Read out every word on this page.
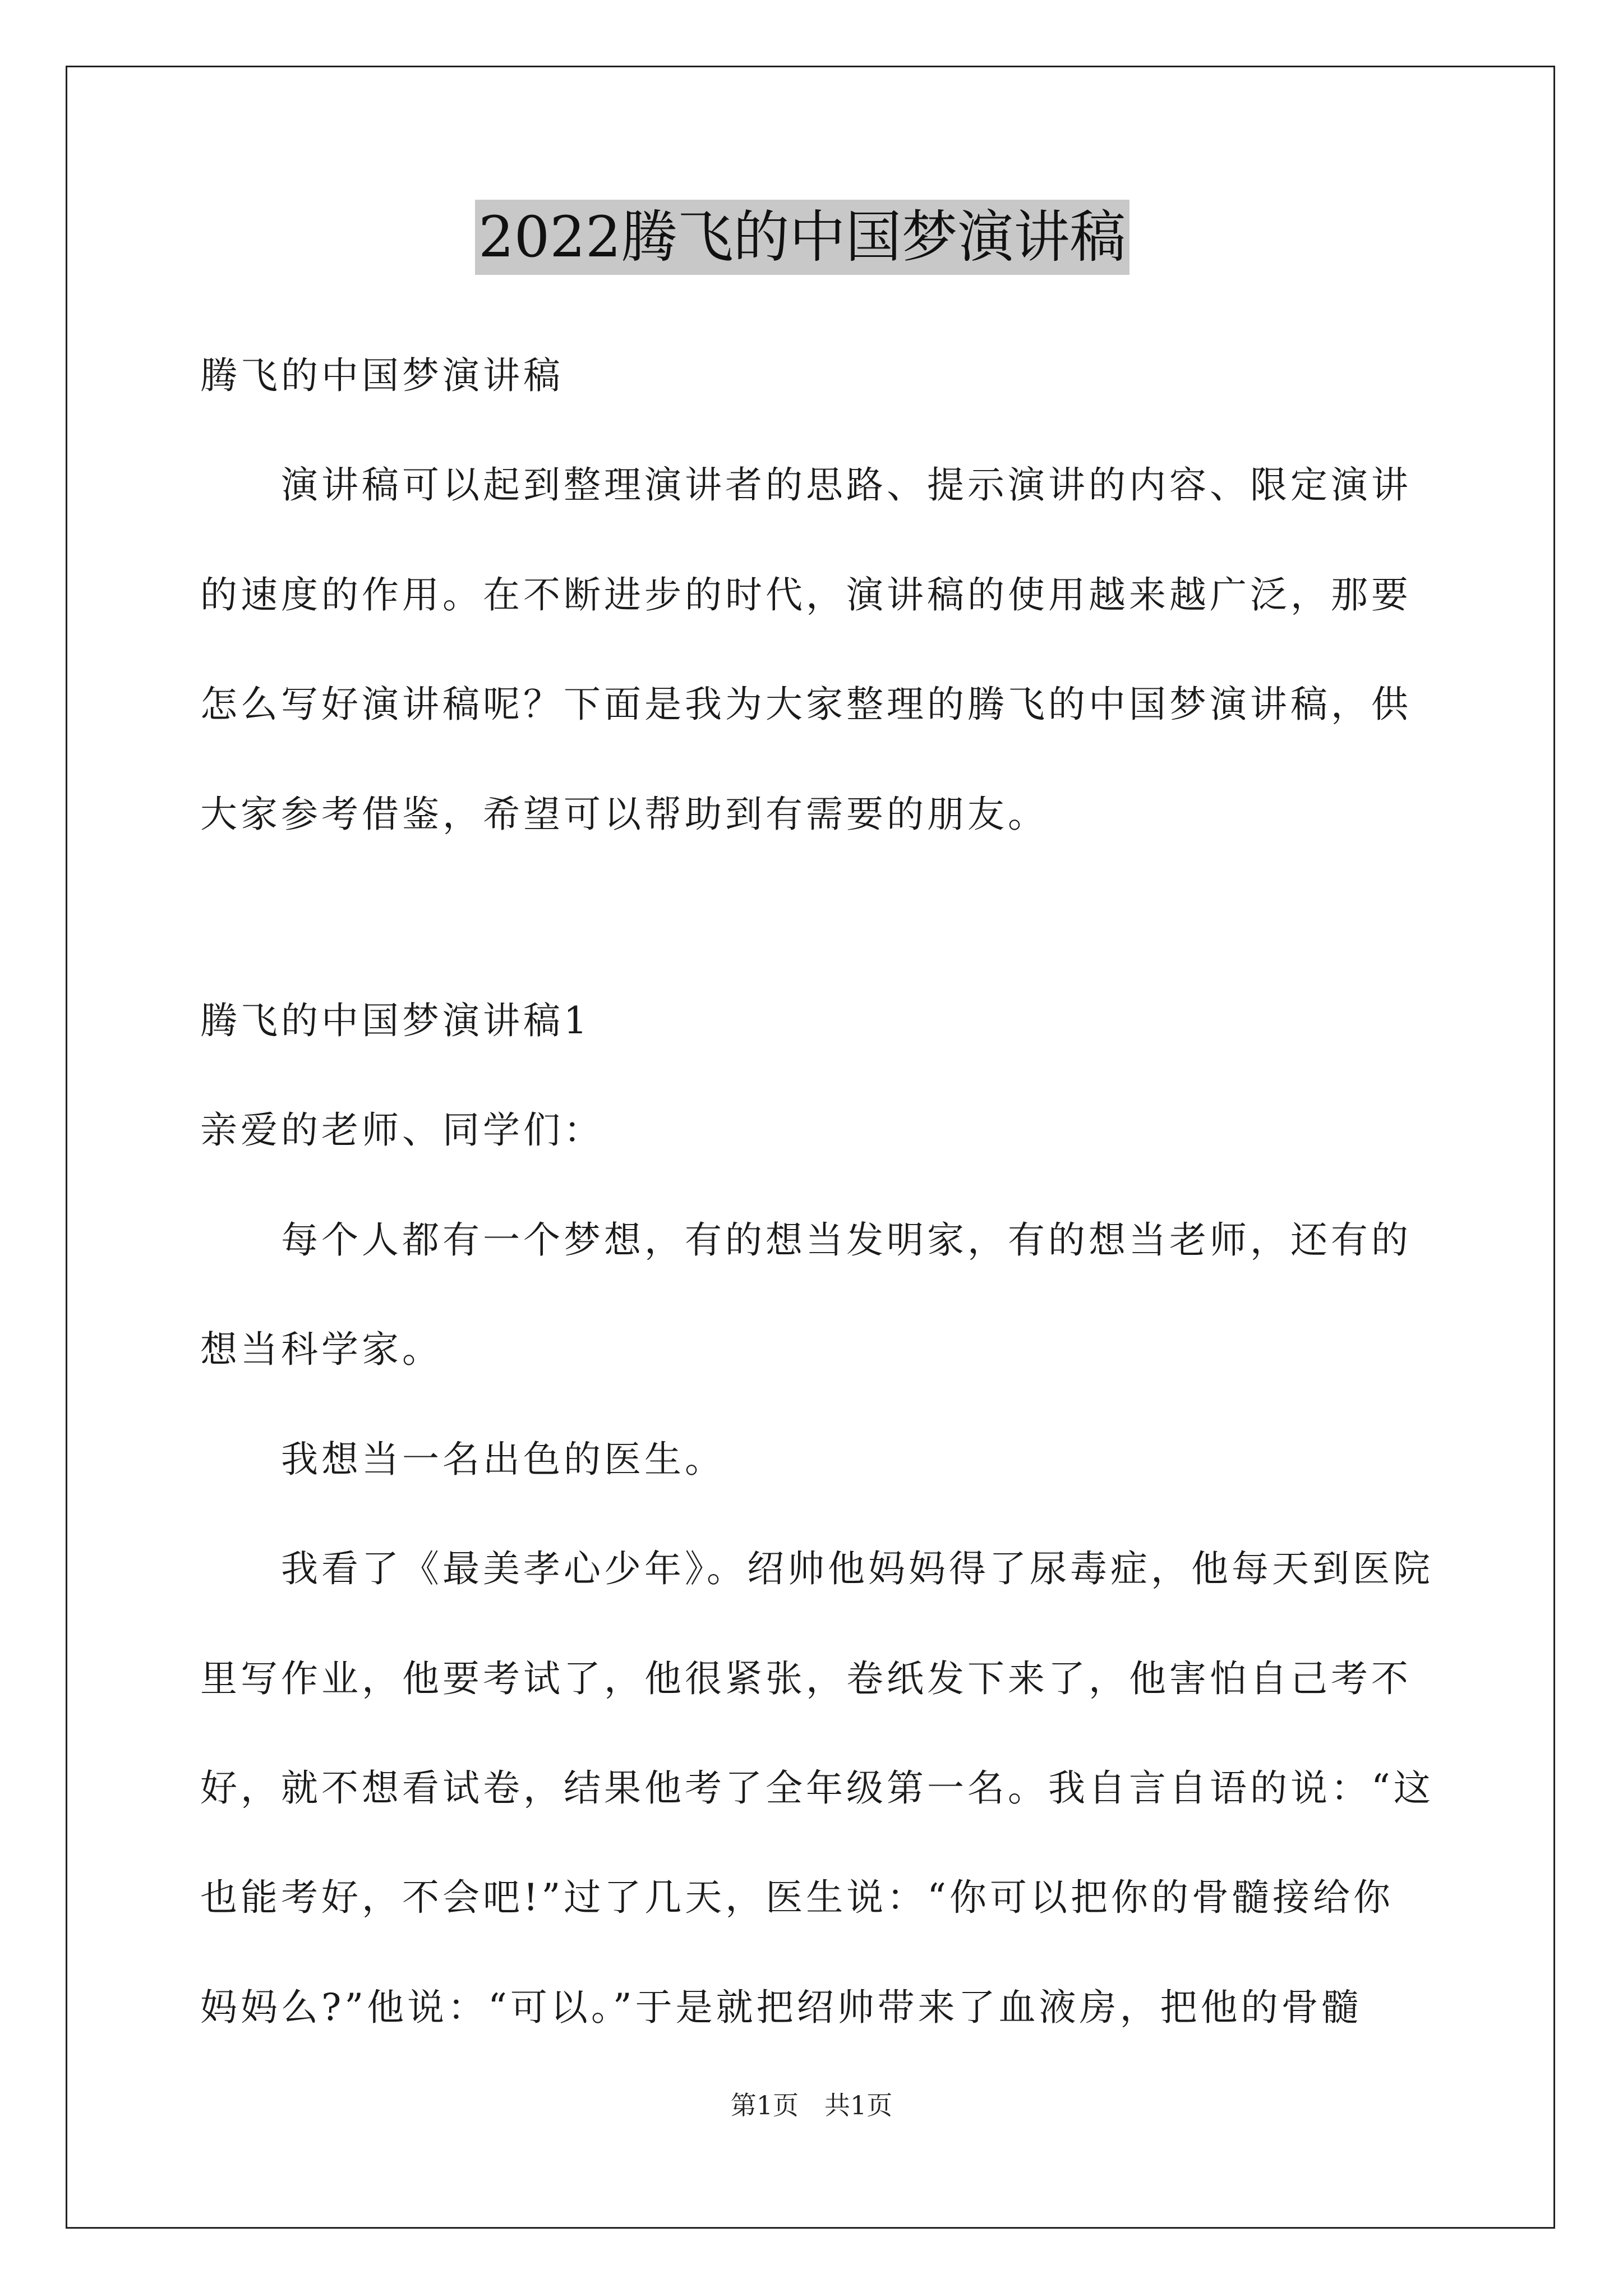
2022腾飞的中国梦演讲稿
腾飞的中国梦演讲稿
　　演讲稿可以起到整理演讲者的思路、提示演讲的内容、限定演讲
的速度的作用。在不断进步的时代，演讲稿的使用越来越广泛，那要
怎么写好演讲稿呢？下面是我为大家整理的腾飞的中国梦演讲稿，供
大家参考借鉴，希望可以帮助到有需要的朋友。
腾飞的中国梦演讲稿1
亲爱的老师、同学们：
　　每个人都有一个梦想，有的想当发明家，有的想当老师，还有的
想当科学家。
　　我想当一名出色的医生。
　　我看了《最美孝心少年》。绍帅他妈妈得了尿毒症，他每天到医院
里写作业，他要考试了，他很紧张，卷纸发下来了，他害怕自己考不
好，就不想看试卷，结果他考了全年级第一名。我自言自语的说：“这
也能考好，不会吧!”过了几天，医生说：“你可以把你的骨髓接给你
妈妈么?”他说：“可以。”于是就把绍帅带来了血液房，把他的骨髓
第1页　共1页
